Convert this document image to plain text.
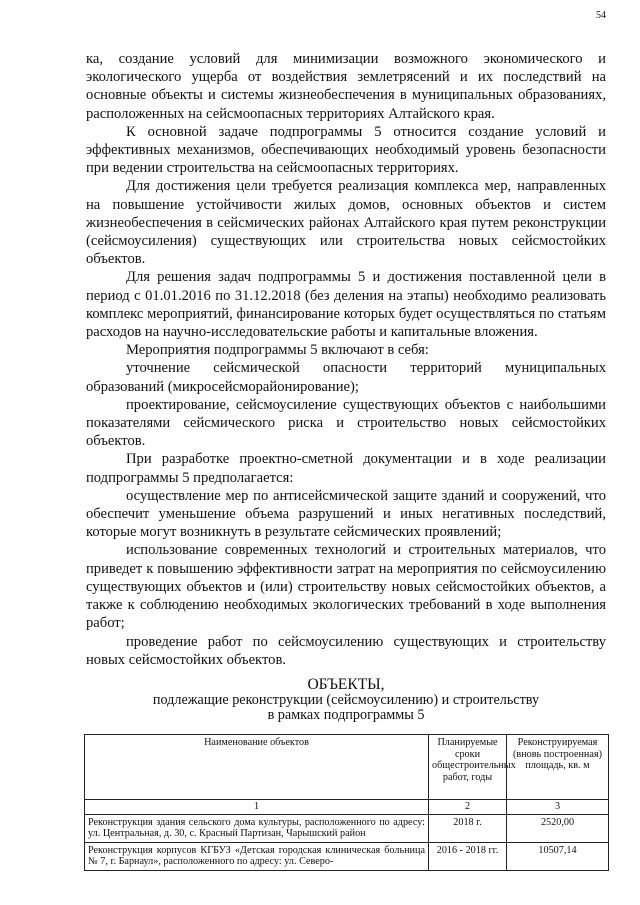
54

ка, создание условий для минимизации возможного экономического и экологического ущерба от воздействия землетрясений и их последствий на основные объекты и системы жизнеобеспечения в муниципальных образованиях, расположенных на сейсмоопасных территориях Алтайского края.

К основной задаче подпрограммы 5 относится создание условий и эффективных механизмов, обеспечивающих необходимый уровень безопасности при ведении строительства на сейсмоопасных территориях.

Для достижения цели требуется реализация комплекса мер, направленных на повышение устойчивости жилых домов, основных объектов и систем жизнеобеспечения в сейсмических районах Алтайского края путем реконструкции (сейсмоусиления) существующих или строительства новых сейсмостойких объектов.

Для решения задач подпрограммы 5 и достижения поставленной цели в период с 01.01.2016 по 31.12.2018 (без деления на этапы) необходимо реализовать комплекс мероприятий, финансирование которых будет осуществляться по статьям расходов на научно-исследовательские работы и капитальные вложения.

Мероприятия подпрограммы 5 включают в себя:

уточнение сейсмической опасности территорий муниципальных образований (микросейсморайонирование);

проектирование, сейсмоусиление существующих объектов с наибольшими показателями сейсмического риска и строительство новых сейсмостойких объектов.

При разработке проектно-сметной документации и в ходе реализации подпрограммы 5 предполагается:

осуществление мер по антисейсмической защите зданий и сооружений, что обеспечит уменьшение объема разрушений и иных негативных последствий, которые могут возникнуть в результате сейсмических проявлений;

использование современных технологий и строительных материалов, что приведет к повышению эффективности затрат на мероприятия по сейсмоусилению существующих объектов и (или) строительству новых сейсмостойких объектов, а также к соблюдению необходимых экологических требований в ходе выполнения работ;

проведение работ по сейсмоусилению существующих и строительству новых сейсмостойких объектов.

ОБЪЕКТЫ,
подлежащие реконструкции (сейсмоусилению) и строительству
в рамках подпрограммы 5
Наименование объектов	Планируемые сроки общестроительных работ, годы	Реконструируемая (вновь построенная) площадь, кв. м
1	2	3
Реконструкция здания сельского дома культуры, расположенного по адресу: ул. Центральная, д. 30, с. Красный Партизан, Чарышский район	2018 г.	2520,00
Реконструкция корпусов КГБУЗ «Детская городская клиническая больница № 7, г. Барнаул», расположенного по адресу: ул. Северо-	2016 - 2018 гг.	10507,14
